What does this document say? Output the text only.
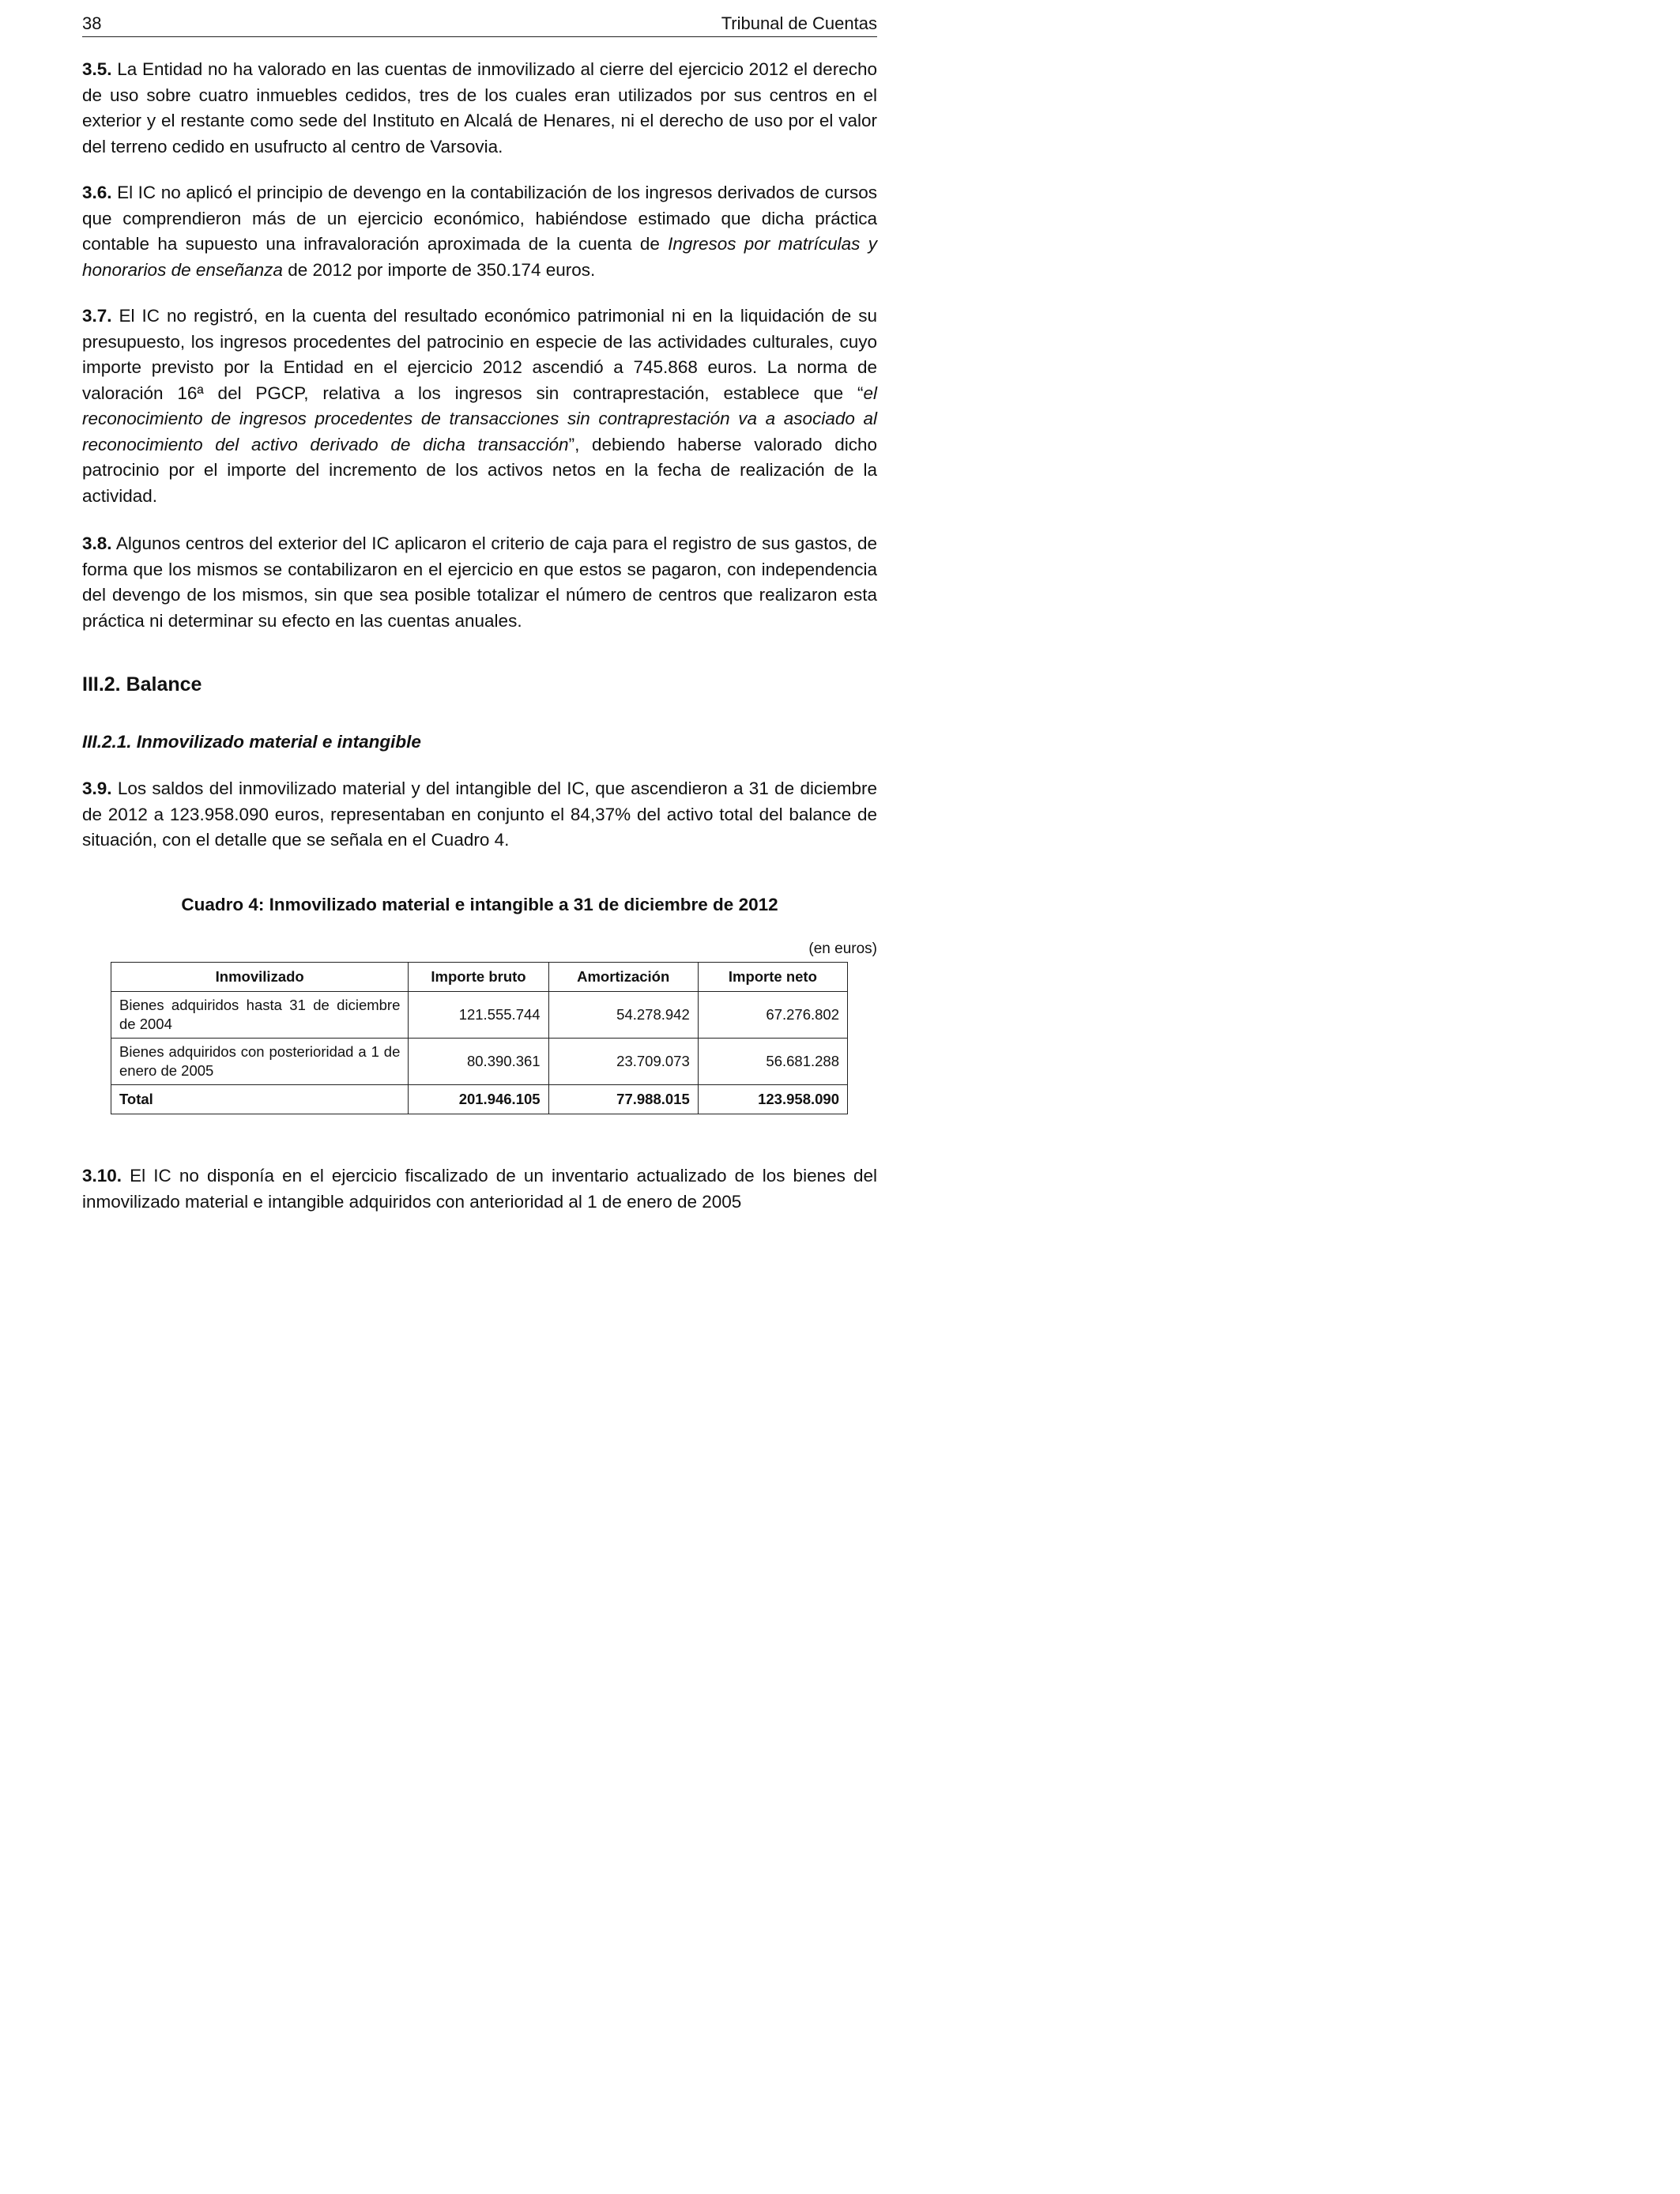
38	Tribunal de Cuentas

3.5. La Entidad no ha valorado en las cuentas de inmovilizado al cierre del ejercicio 2012 el derecho de uso sobre cuatro inmuebles cedidos, tres de los cuales eran utilizados por sus centros en el exterior y el restante como sede del Instituto en Alcalá de Henares, ni el derecho de uso por el valor del terreno cedido en usufructo al centro de Varsovia.

3.6. El IC no aplicó el principio de devengo en la contabilización de los ingresos derivados de cursos que comprendieron más de un ejercicio económico, habiéndose estimado que dicha práctica contable ha supuesto una infravaloración aproximada de la cuenta de Ingresos por matrículas y honorarios de enseñanza de 2012 por importe de 350.174 euros.

3.7. El IC no registró, en la cuenta del resultado económico patrimonial ni en la liquidación de su presupuesto, los ingresos procedentes del patrocinio en especie de las actividades culturales, cuyo importe previsto por la Entidad en el ejercicio 2012 ascendió a 745.868 euros. La norma de valoración 16ª del PGCP, relativa a los ingresos sin contraprestación, establece que “el reconocimiento de ingresos procedentes de transacciones sin contraprestación va a asociado al reconocimiento del activo derivado de dicha transacción”, debiendo haberse valorado dicho patrocinio por el importe del incremento de los activos netos en la fecha de realización de la actividad.

3.8. Algunos centros del exterior del IC aplicaron el criterio de caja para el registro de sus gastos, de forma que los mismos se contabilizaron en el ejercicio en que estos se pagaron, con independencia del devengo de los mismos, sin que sea posible totalizar el número de centros que realizaron esta práctica ni determinar su efecto en las cuentas anuales.

III.2. Balance
III.2.1. Inmovilizado material e intangible

3.9. Los saldos del inmovilizado material y del intangible del IC, que ascendieron a 31 de diciembre de 2012 a 123.958.090 euros, representaban en conjunto el 84,37% del activo total del balance de situación, con el detalle que se señala en el Cuadro 4.

Cuadro 4: Inmovilizado material e intangible a 31 de diciembre de 2012

(en euros)
Inmovilizado	Importe bruto	Amortización	Importe neto
Bienes adquiridos hasta 31 de diciembre de 2004	121.555.744	54.278.942	67.276.802
Bienes adquiridos con posterioridad a 1 de enero de 2005	80.390.361	23.709.073	56.681.288
Total	201.946.105	77.988.015	123.958.090

3.10. El IC no disponía en el ejercicio fiscalizado de un inventario actualizado de los bienes del inmovilizado material e intangible adquiridos con anterioridad al 1 de enero de 2005
